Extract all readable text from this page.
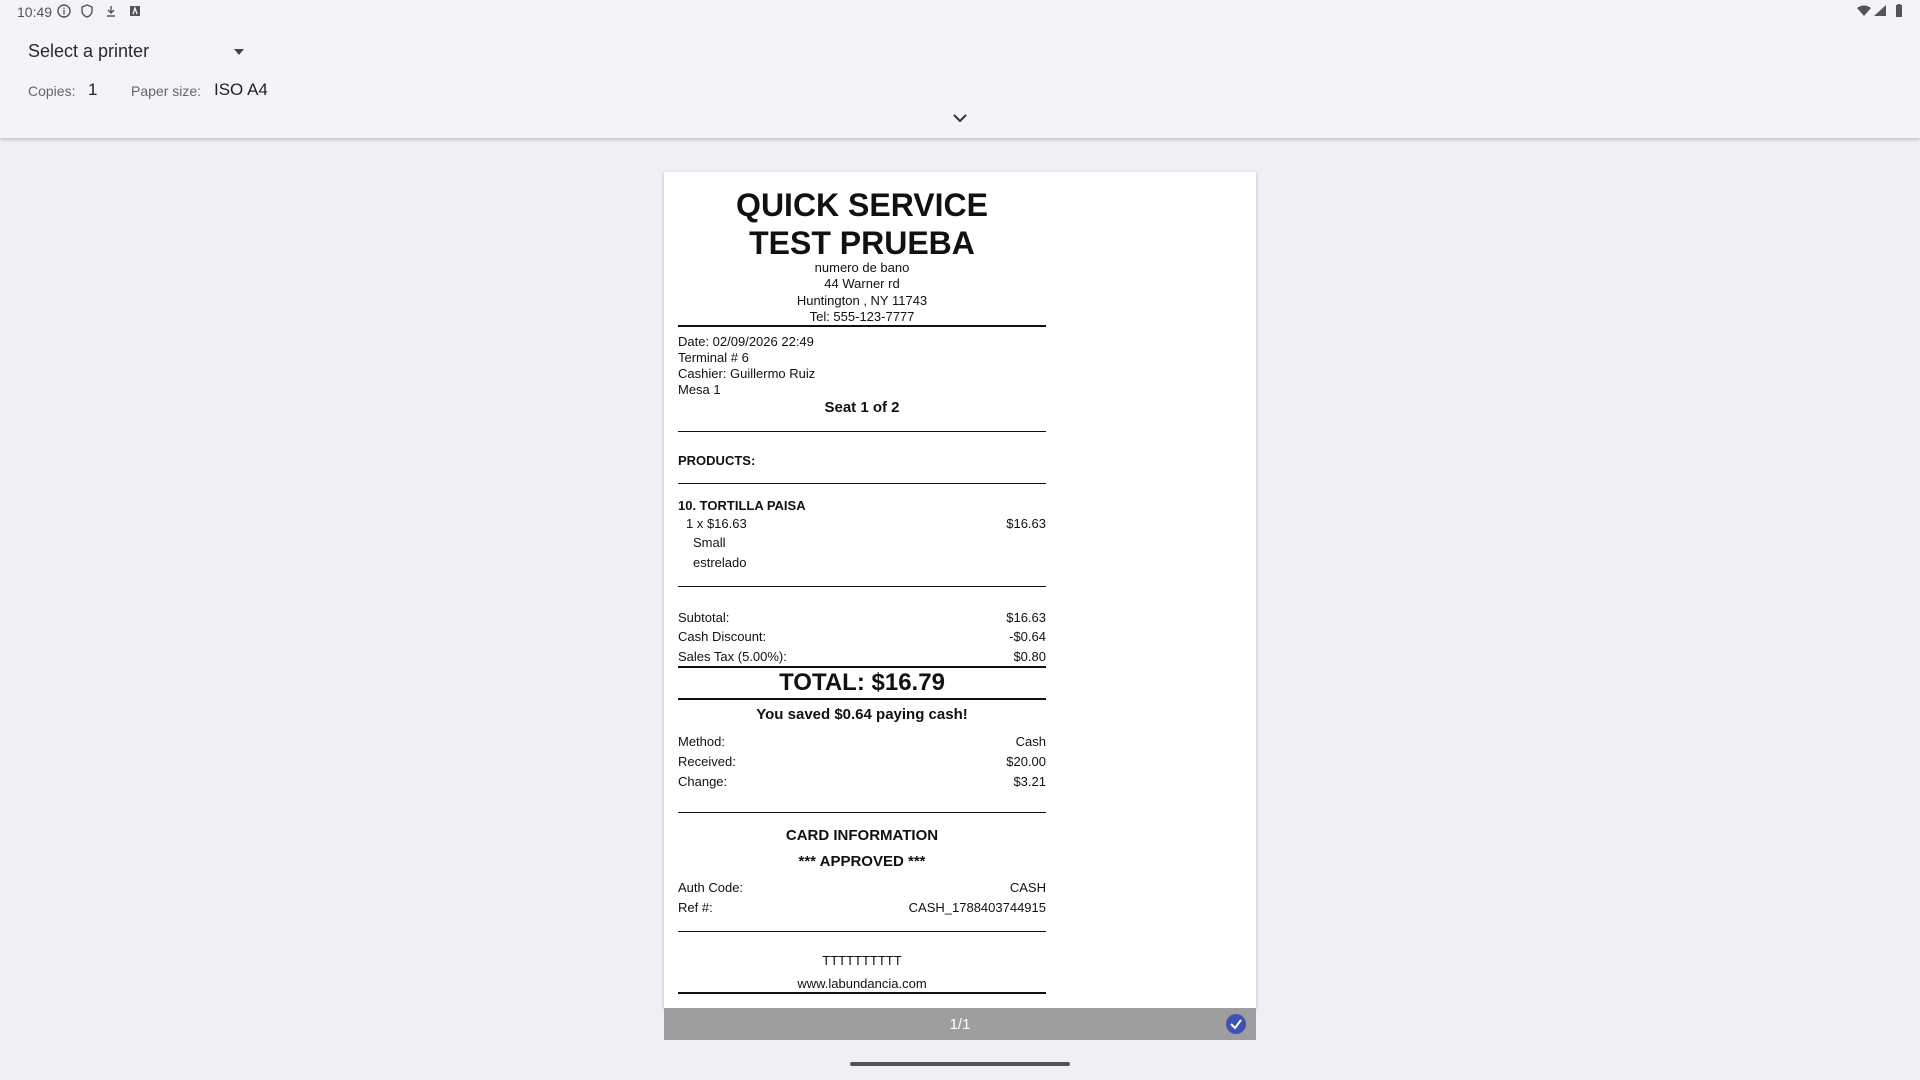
10:49
Select a printer
Copies: 1 Paper size: ISO A4
QUICK SERVICE
TEST PRUEBA
numero de bano
44 Warner rd
Huntington , NY 11743
Tel: 555-123-7777
Date: 02/09/2026 22:49
Terminal # 6
Cashier: Guillermo Ruiz
Mesa 1
Seat 1 of 2
PRODUCTS:
10. TORTILLA PAISA
1 x $16.63	$16.63
Small
estrelado
Subtotal:	$16.63
Cash Discount:	-$0.64
Sales Tax (5.00%):	$0.80
TOTAL: $16.79
You saved $0.64 paying cash!
Method:	Cash
Received:	$20.00
Change:	$3.21
CARD INFORMATION
*** APPROVED ***
Auth Code:	CASH
Ref #:	CASH_1788403744915
TTTTTTTTTT
www.labundancia.com
1/1
